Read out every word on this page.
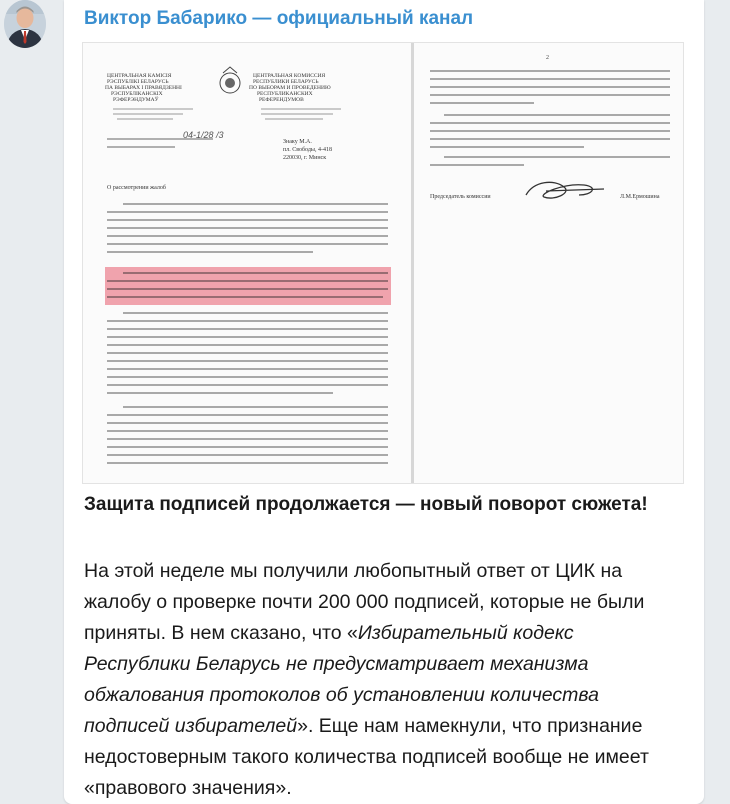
Виктор Бабарико — официальный канал
ЦЕНТРАЛЬНАЯ КАМІСІЯ
РЭСПУБЛІКІ БЕЛАРУСЬ
ПА ВЫБАРАХ І ПРАВЯДЗЕННІ
РЭСПУБЛІКАНСКІХ
РЭФЕРЭНДУМАЎ
ЦЕНТРАЛЬНАЯ КОМИССИЯ
РЕСПУБЛИКИ БЕЛАРУСЬ
ПО ВЫБОРАМ И ПРОВЕДЕНИЮ
РЕСПУБЛИКАНСКИХ
РЕФЕРЕНДУМОВ
04-1/28 /3
Знаку М.А.
пл. Свободы, 4-418
220030, г. Минск
О рассмотрении жалоб
2
Председатель комиссии	Л.М.Ермошина
Защита подписей продолжается — новый поворот сюжета!
На этой неделе мы получили любопытный ответ от ЦИК на жалобу о проверке почти 200 000 подписей, которые не были приняты. В нем сказано, что «Избирательный кодекс Республики Беларусь не предусматривает механизма обжалования протоколов об установлении количества подписей избирателей». Еще нам намекнули, что признание недостоверным такого количества подписей вообще не имеет «правового значения».
